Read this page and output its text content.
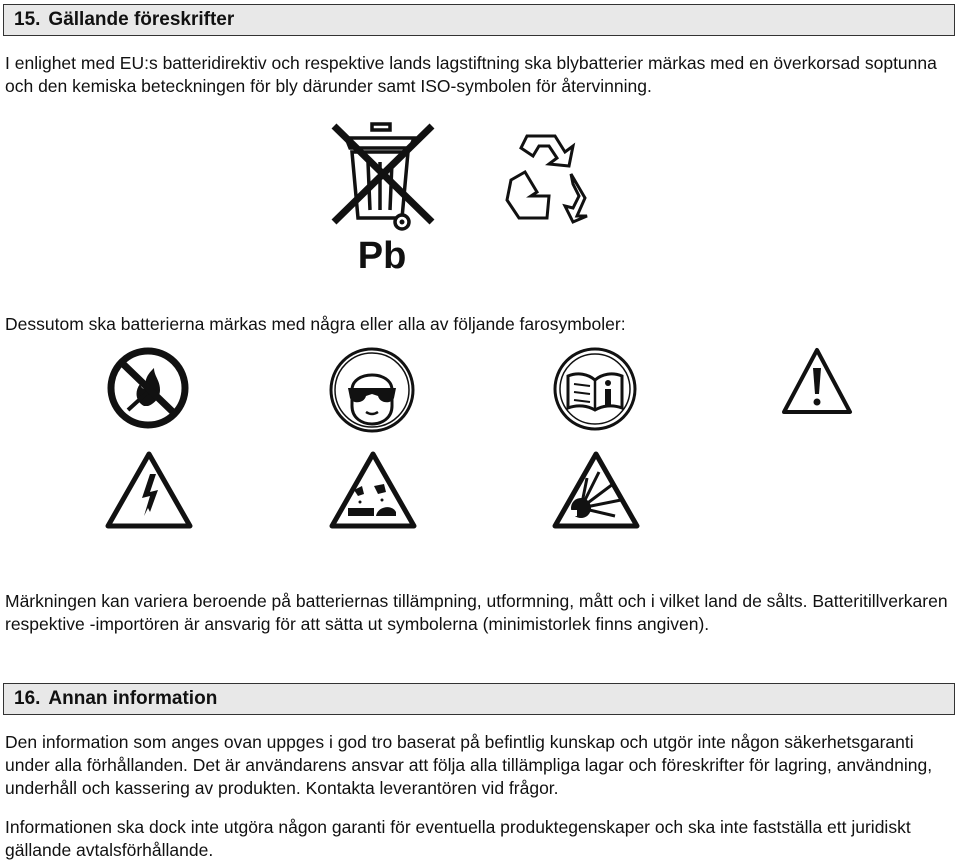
15. Gällande föreskrifter

I enlighet med EU:s batteridirektiv och respektive lands lagstiftning ska blybatterier märkas med en överkorsad soptunna och den kemiska beteckningen för bly därunder samt ISO-symbolen för återvinning.

Pb

Dessutom ska batterierna märkas med några eller alla av följande farosymboler:

Märkningen kan variera beroende på batteriernas tillämpning, utformning, mått och i vilket land de sålts. Batteritillverkaren respektive -importören är ansvarig för att sätta ut symbolerna (minimistorlek finns angiven).

16. Annan information

Den information som anges ovan uppges i god tro baserat på befintlig kunskap och utgör inte någon säkerhetsgaranti under alla förhållanden. Det är användarens ansvar att följa alla tillämpliga lagar och föreskrifter för lagring, användning, underhåll och kassering av produkten. Kontakta leverantören vid frågor.

Informationen ska dock inte utgöra någon garanti för eventuella produktegenskaper och ska inte fastställa ett juridiskt gällande avtalsförhållande.
